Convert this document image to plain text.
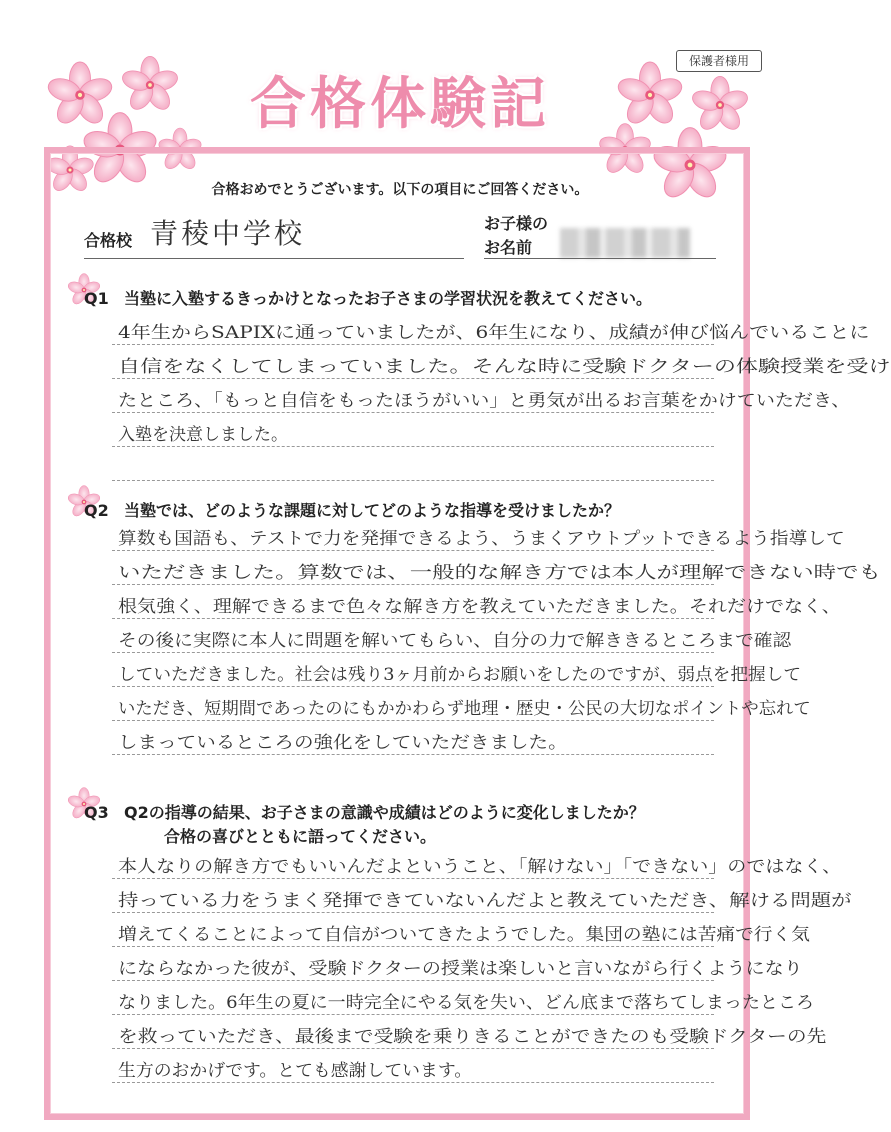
保護者様用
合格体験記
合格おめでとうございます。以下の項目にご回答ください。
合格校 青稜中学校	お子様の
お名前
Q1 当塾に入塾するきっかけとなったお子さまの学習状況を教えてください。
4年生からSAPIXに通っていましたが、6年生になり、成績が伸び悩んでいることに
自信をなくしてしまっていました。そんな時に受験ドクターの体験授業を受け
たところ、「もっと自信をもったほうがいい」と勇気が出るお言葉をかけていただき、
入塾を決意しました。
Q2 当塾では、どのような課題に対してどのような指導を受けましたか？
算数も国語も、テストで力を発揮できるよう、うまくアウトプットできるよう指導して
いただきました。算数では、一般的な解き方では本人が理解できない時でも
根気強く、理解できるまで色々な解き方を教えていただきました。それだけでなく、
その後に実際に本人に問題を解いてもらい、自分の力で解ききるところまで確認
していただきました。社会は残り3ヶ月前からお願いをしたのですが、弱点を把握して
いただき、短期間であったのにもかかわらず地理・歴史・公民の大切なポイントや忘れて
しまっているところの強化をしていただきました。
Q3 Q2の指導の結果、お子さまの意識や成績はどのように変化しましたか？
合格の喜びとともに語ってください。
本人なりの解き方でもいいんだよということ、「解けない」「できない」のではなく、
持っている力をうまく発揮できていないんだよと教えていただき、解ける問題が
増えてくることによって自信がついてきたようでした。集団の塾には苦痛で行く気
にならなかった彼が、受験ドクターの授業は楽しいと言いながら行くようになり
なりました。6年生の夏に一時完全にやる気を失い、どん底まで落ちてしまったところ
を救っていただき、最後まで受験を乗りきることができたのも受験ドクターの先
生方のおかげです。とても感謝しています。
